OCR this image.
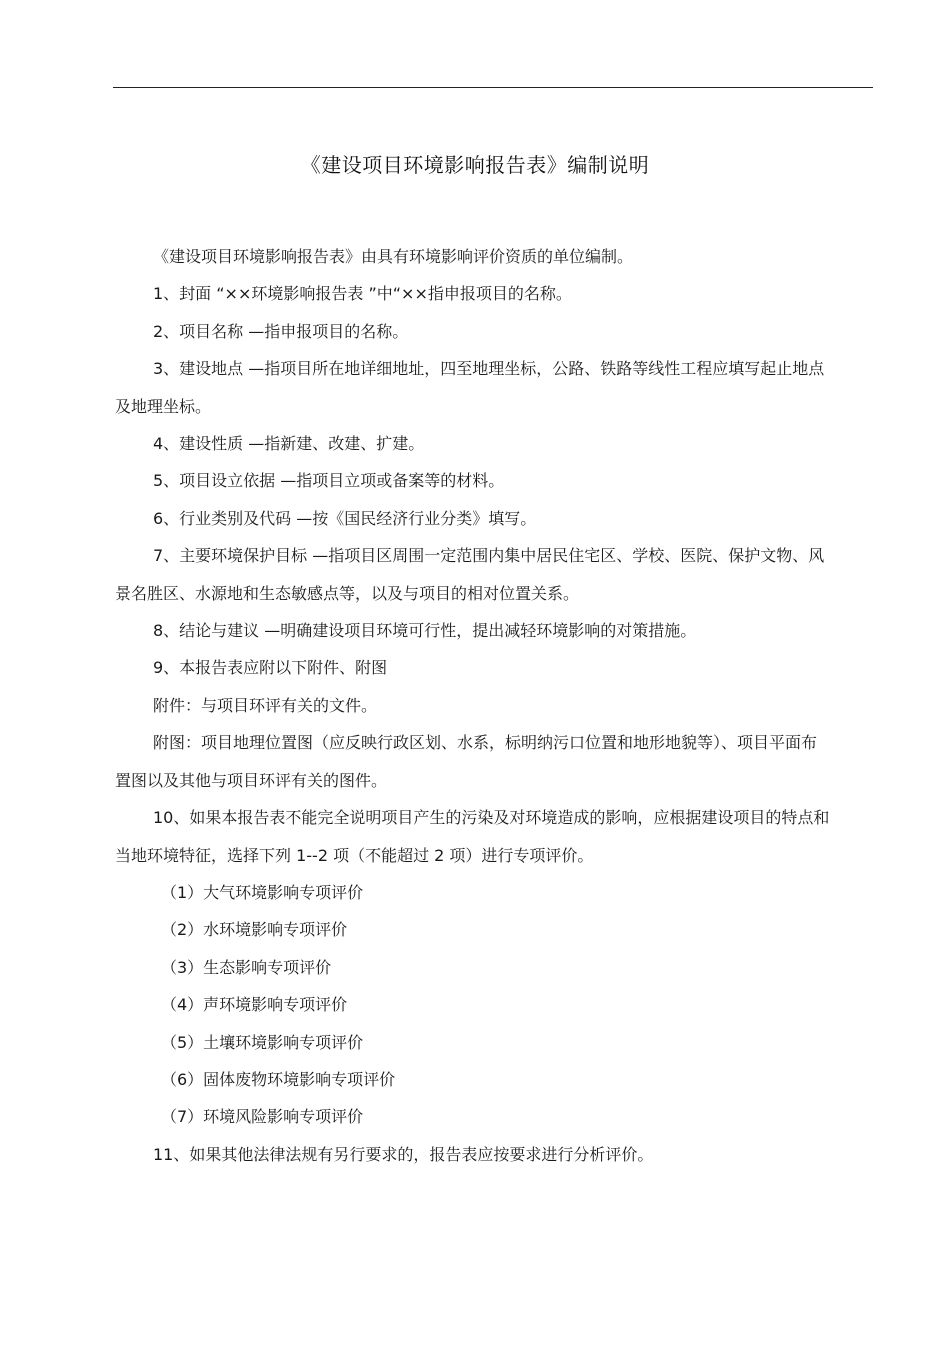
《建设项目环境影响报告表》编制说明

《建设项目环境影响报告表》由具有环境影响评价资质的单位编制。

1、封面 “××环境影响报告表 ”中“××指申报项目的名称。

2、项目名称 —指申报项目的名称。

3、建设地点 —指项目所在地详细地址，四至地理坐标，公路、铁路等线性工程应填写起止地点及地理坐标。

4、建设性质 —指新建、改建、扩建。

5、项目设立依据 —指项目立项或备案等的材料。

6、行业类别及代码 —按《国民经济行业分类》填写。

7、主要环境保护目标 —指项目区周围一定范围内集中居民住宅区、学校、医院、保护文物、风景名胜区、水源地和生态敏感点等，以及与项目的相对位置关系。

8、结论与建议 —明确建设项目环境可行性，提出减轻环境影响的对策措施。

9、本报告表应附以下附件、附图

附件：与项目环评有关的文件。

附图：项目地理位置图（应反映行政区划、水系，标明纳污口位置和地形地貌等）、项目平面布置图以及其他与项目环评有关的图件。

10、如果本报告表不能完全说明项目产生的污染及对环境造成的影响，应根据建设项目的特点和当地环境特征，选择下列 1--2 项（不能超过 2 项）进行专项评价。

（1）大气环境影响专项评价

（2）水环境影响专项评价

（3）生态影响专项评价

（4）声环境影响专项评价

（5）土壤环境影响专项评价

（6）固体废物环境影响专项评价

（7）环境风险影响专项评价

11、如果其他法律法规有另行要求的，报告表应按要求进行分析评价。
